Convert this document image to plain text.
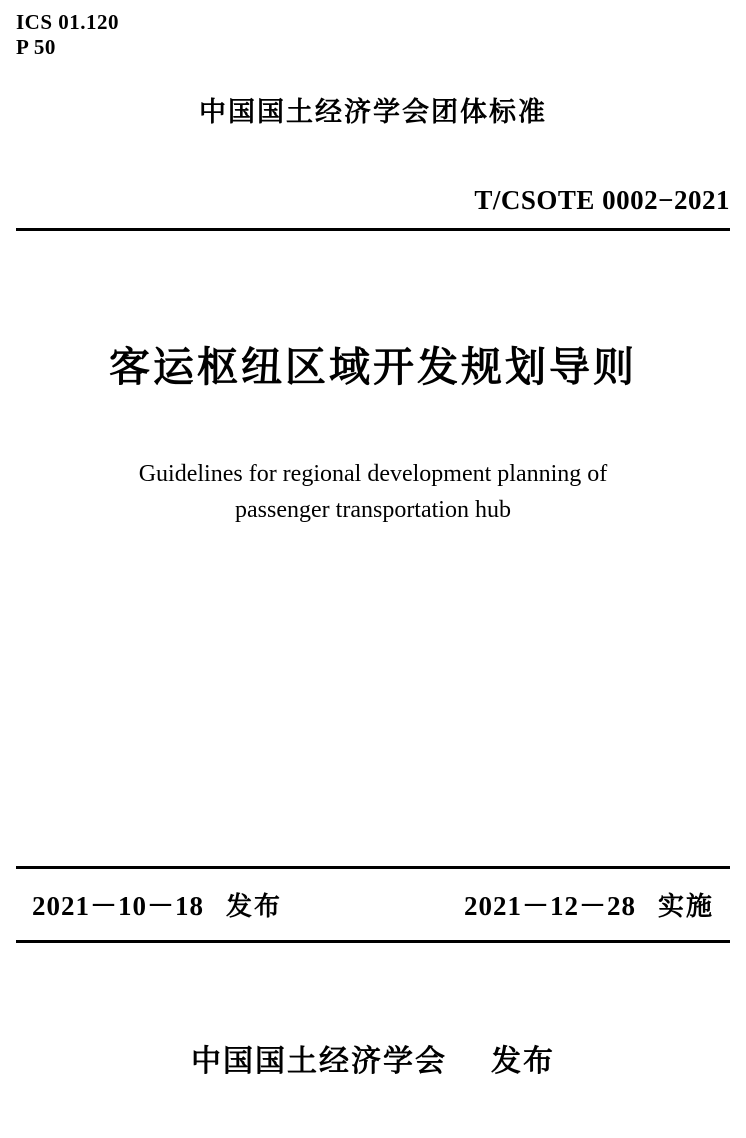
ICS 01.120
P 50
中国国土经济学会团体标准
T/CSOTE 0002−2021
客运枢纽区域开发规划导则
Guidelines for regional development planning of
passenger transportation hub
2021－10－18 发布	2021－12－28 实施
中国国土经济学会 发布
